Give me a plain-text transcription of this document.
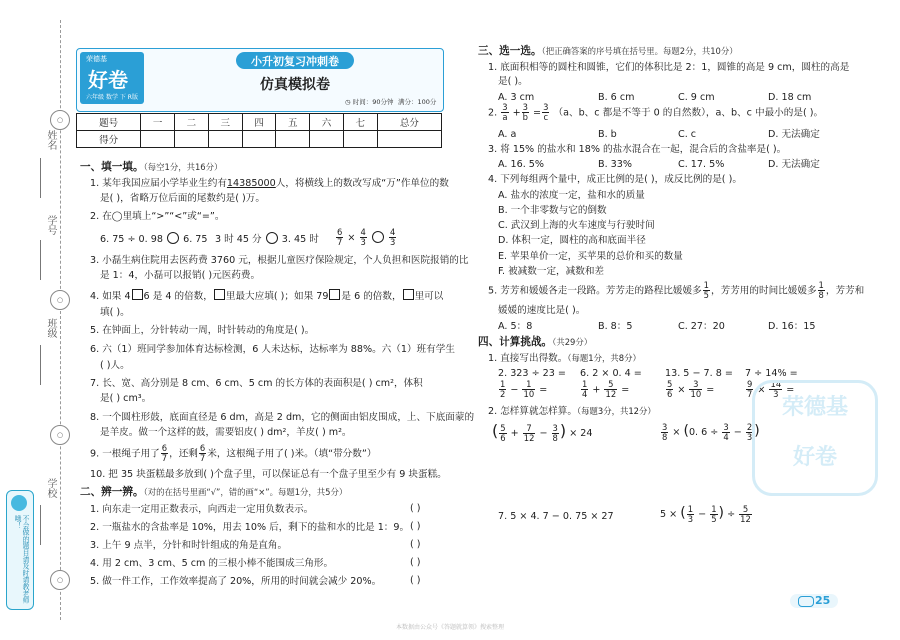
姓名
学号
班级
学校
○
○
○
○
不会做的题目请及时请教老师哦！
荣德基
好卷
六年级 数学 下 R版
小升初复习冲刺卷
仿真模拟卷
◷ 时间：90分钟 满分：100分
题号	一	二	三	四	五	六	七	总分
得分								
一、填一填。（每空1分，共16分）
1. 某年我国应届小学毕业生约有14385000人，将横线上的数改写成“万”作单位的数
是( )，省略万位后面的尾数约是( )万。
2. 在◯里填上“>”“<”或“=”。
6. 75 ÷ 0. 98 6. 75 3 时 45 分 3. 45 时 $\frac{6}{7} \times \frac{4}{3}$
	$\frac{4}{3}$
3. 小磊生病住院用去医药费 3760 元，根据儿童医疗保险规定，个人负担和医院报销的比
是 1：4，小磊可以报销( )元医药费。
4. 如果 4 6 是 4 的倍数， 里最大应填( )；如果 79 是 6 的倍数， 里可以
填( )。
5. 在钟面上，分针转动一周，时针转动的角度是( )。
6. 六（1）班同学参加体育达标检测，6 人未达标，达标率为 88%。六（1）班有学生
( )人。
7. 长、宽、高分别是 8 cm、6 cm、5 cm 的长方体的表面积是( ) cm²，体积
是( ) cm³。
8. 一个圆柱形鼓，底面直径是 6 dm，高是 2 dm，它的侧面由铝皮围成，上、下底面蒙的
是羊皮。做一个这样的鼓，需要铝皮( ) dm²，羊皮( ) m²。
9. 一根绳子用了 $\frac{6}{7}$ ，还剩 $\frac{6}{7}$ 米，这根绳子用了( )米。（填“带分数”）
10. 把 35 块蛋糕最多放到( )个盘子里，可以保证总有一个盘子里至少有 9 块蛋糕。
二、辨一辨。（对的在括号里画“√”，错的画“×”。每题1分，共5分）
1. 向东走一定用正数表示，向西走一定用负数表示。	( )
2. 一瓶盐水的含盐率是 10%，用去 10% 后，剩下的盐和水的比是 1：9。 ( )
3. 上午 9 点半，分针和时针组成的角是直角。	( )
4. 用 2 cm、3 cm、5 cm 的三根小棒不能围成三角形。	( )
5. 做一件工作，工作效率提高了 20%，所用的时间就会减少 20%。	( )
三、选一选。（把正确答案的序号填在括号里。每题2分，共10分）
1. 底面积相等的圆柱和圆锥，它们的体积比是 2：1，圆锥的高是 9 cm，圆柱的高是
是( )。
A. 3 cm	B. 6 cm	C. 9 cm	D. 18 cm
2. $\frac{3}{a} + \frac{3}{b} = \frac{3}{c} (a$、b、c 都是不等于 0 的自然数），a、b、c 中最小的是( )。
A. a	B. b	C. c	D. 无法确定
3. 将 15% 的盐水和 18% 的盐水混合在一起，混合后的含盐率是( )。
A. 16. 5%	B. 33%	C. 17. 5%	D. 无法确定
4. 下列每组两个量中，成正比例的是( )，成反比例的是( )。
A. 盐水的浓度一定，盐和水的质量
B. 一个非零数与它的倒数
C. 武汉到上海的火车速度与行驶时间
D. 体积一定，圆柱的高和底面半径
E. 苹果单价一定，买苹果的总价和买的数量
F. 被减数一定，减数和差
5. 芳芳和媛媛各走一段路。芳芳走的路程比媛媛多 $\frac{1}{5}$ ，芳芳用的时间比媛媛多 $\frac{1}{8}$ ，芳芳和
媛媛的速度比是( )。
A. 5：8	B. 8：5	C. 27：20	D. 16：15
四、计算挑战。（共29分）
1. 直接写出得数。（每题1分，共8分）
2. 323 ÷ 23 = 6. 2 × 0. 4 = 13. 5 − 7. 8 = 7 ÷ 14% =
$\frac{1}{2} - \frac{1}{10}$ =	$\frac{1}{4} + \frac{5}{12}$ =	$\frac{5}{6} \times \frac{3}{10}$ =	$\frac{9}{7} \times \frac{14}{3}$ =
2. 怎样算就怎样算。（每题3分，共12分）
( $\frac{5}{6} + \frac{7}{12} - \frac{3}{8}$ ) × 24	$\frac{3}{8} \times (0$. $6 \div \frac{3}{4} - \frac{2}{3}$ )
7. 5 × 4. 7 − 0. 75 × 27	5 × ( $\frac{1}{3} - \frac{1}{5}$ ) ÷ $\frac{5}{12}$
荣德基
好卷
25
本数据由公众号《答题就算领》搜索整理
